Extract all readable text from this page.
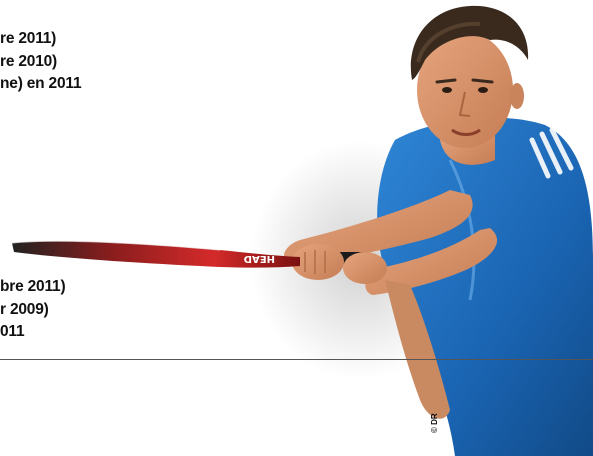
HEAD
re 2011)
re 2010)
ne) en 2011
bre 2011)
r 2009)
011
© DR
